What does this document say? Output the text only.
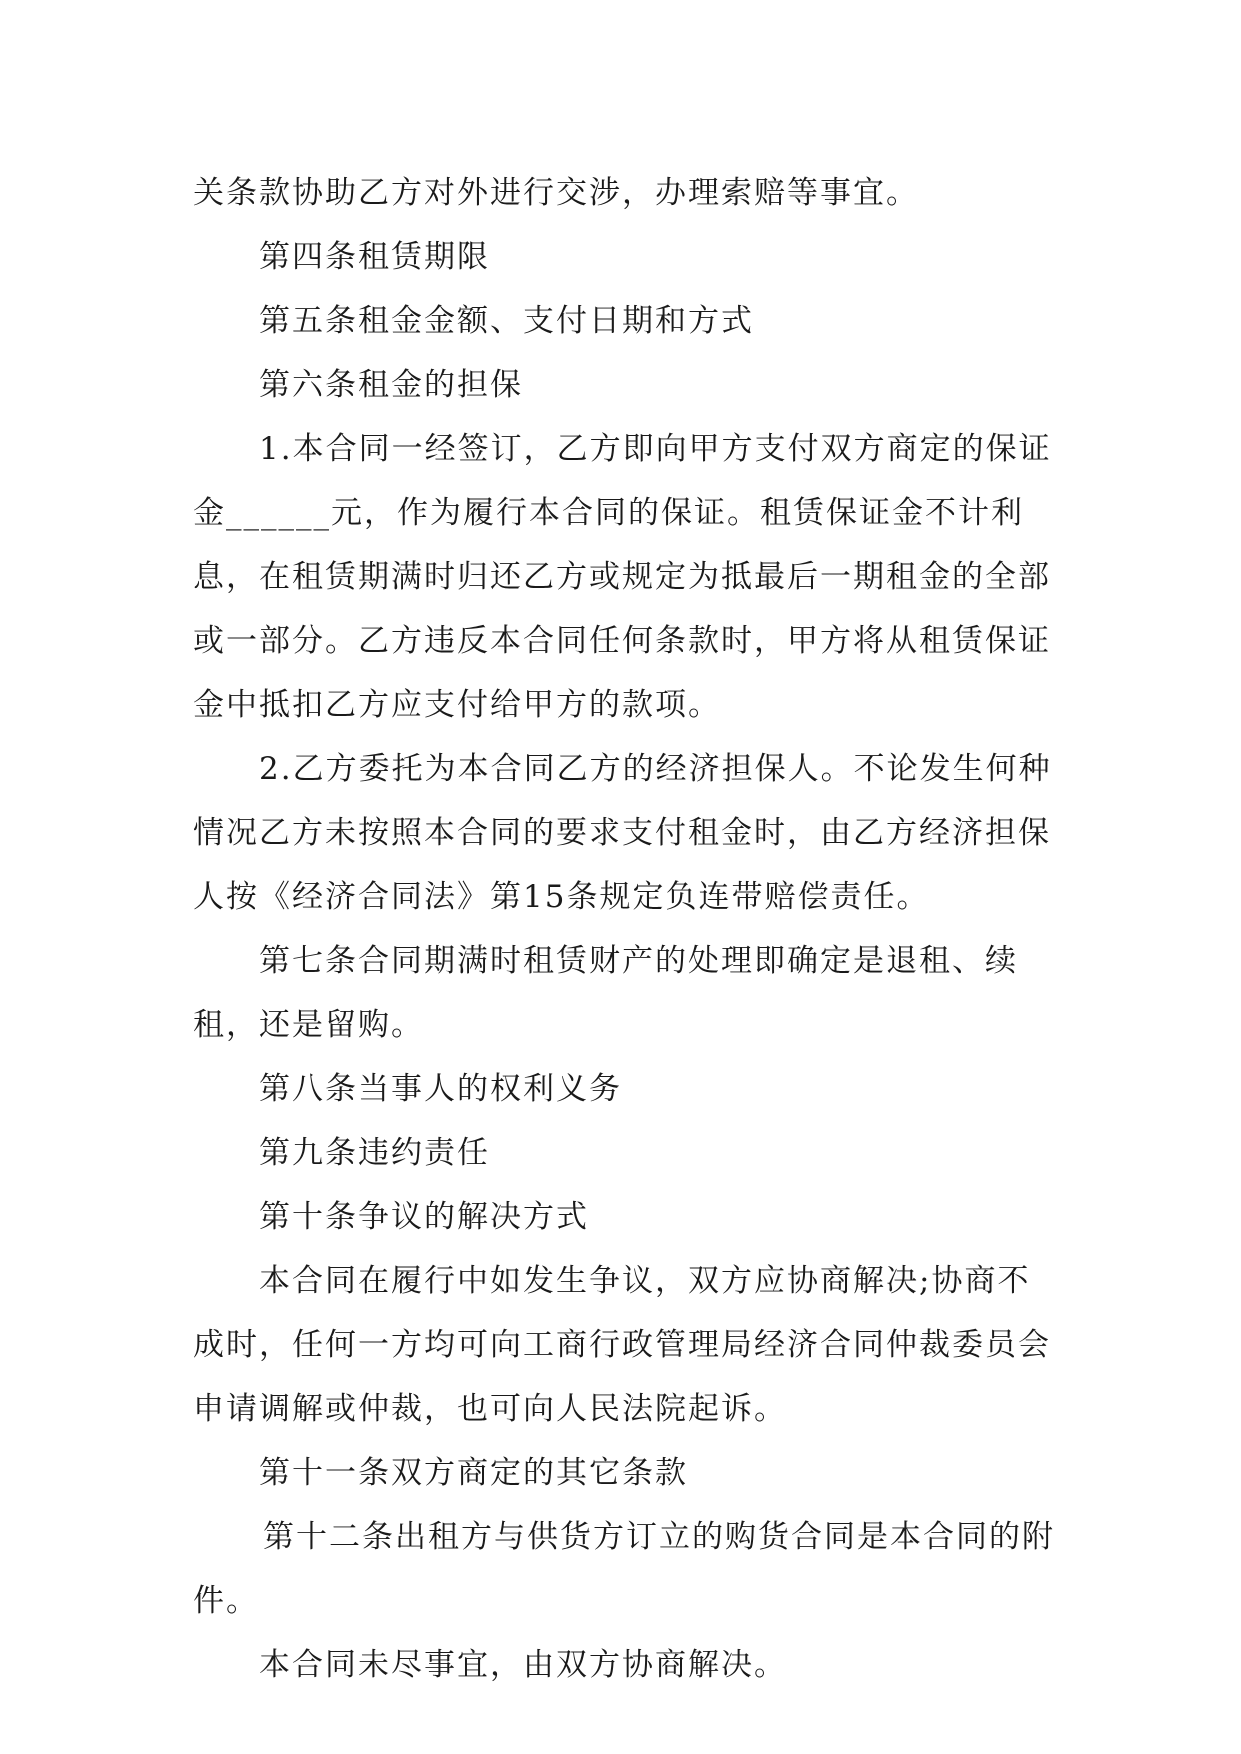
关条款协助乙方对外进行交涉，办理索赔等事宜。

第四条租赁期限

第五条租金金额、支付日期和方式

第六条租金的担保

1.本合同一经签订，乙方即向甲方支付双方商定的保证金______元，作为履行本合同的保证。租赁保证金不计利息，在租赁期满时归还乙方或规定为抵最后一期租金的全部或一部分。乙方违反本合同任何条款时，甲方将从租赁保证金中抵扣乙方应支付给甲方的款项。

2.乙方委托为本合同乙方的经济担保人。不论发生何种情况乙方未按照本合同的要求支付租金时，由乙方经济担保人按《经济合同法》第15条规定负连带赔偿责任。

第七条合同期满时租赁财产的处理即确定是退租、续租，还是留购。

第八条当事人的权利义务

第九条违约责任

第十条争议的解决方式

本合同在履行中如发生争议，双方应协商解决;协商不成时，任何一方均可向工商行政管理局经济合同仲裁委员会申请调解或仲裁，也可向人民法院起诉。

第十一条双方商定的其它条款

第十二条出租方与供货方订立的购货合同是本合同的附件。

本合同未尽事宜，由双方协商解决。
